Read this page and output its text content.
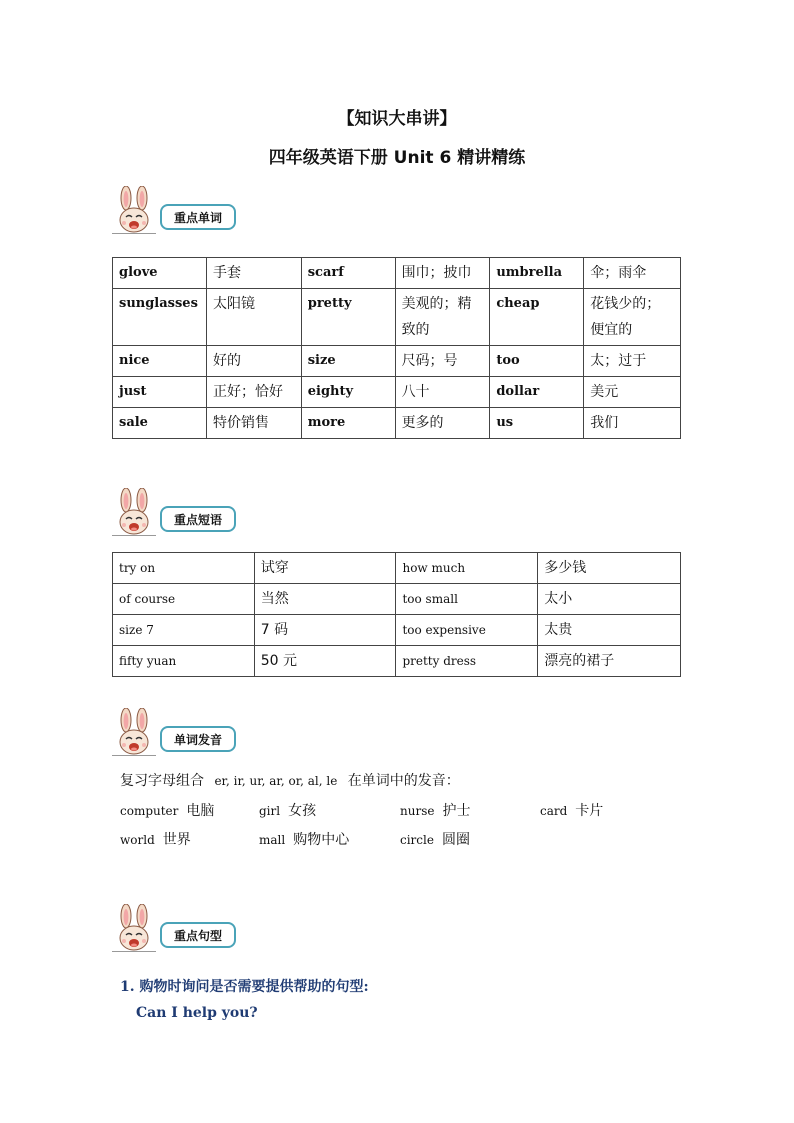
【知识大串讲】
四年级英语下册 Unit 6 精讲精练
重点单词
glove	手套	scarf	围巾；披巾	umbrella	伞；雨伞
sunglasses	太阳镜	pretty	美观的；精致的	cheap	花钱少的；便宜的
nice	好的	size	尺码；号	too	太；过于
just	正好；恰好	eighty	八十	dollar	美元
sale	特价销售	more	更多的	us	我们
重点短语
try on	试穿	how much	多少钱
of course	当然	too small	太小
size 7	7 码	too expensive	太贵
fifty yuan	50 元	pretty dress	漂亮的裙子
单词发音
复习字母组合 er, ir, ur, ar, or, al, le 在单词中的发音：
computer 电脑	girl 女孩	nurse 护士	card 卡片
world 世界	mall 购物中心	circle 圆圈
重点句型
1. 购物时询问是否需要提供帮助的句型:
Can I help you?
